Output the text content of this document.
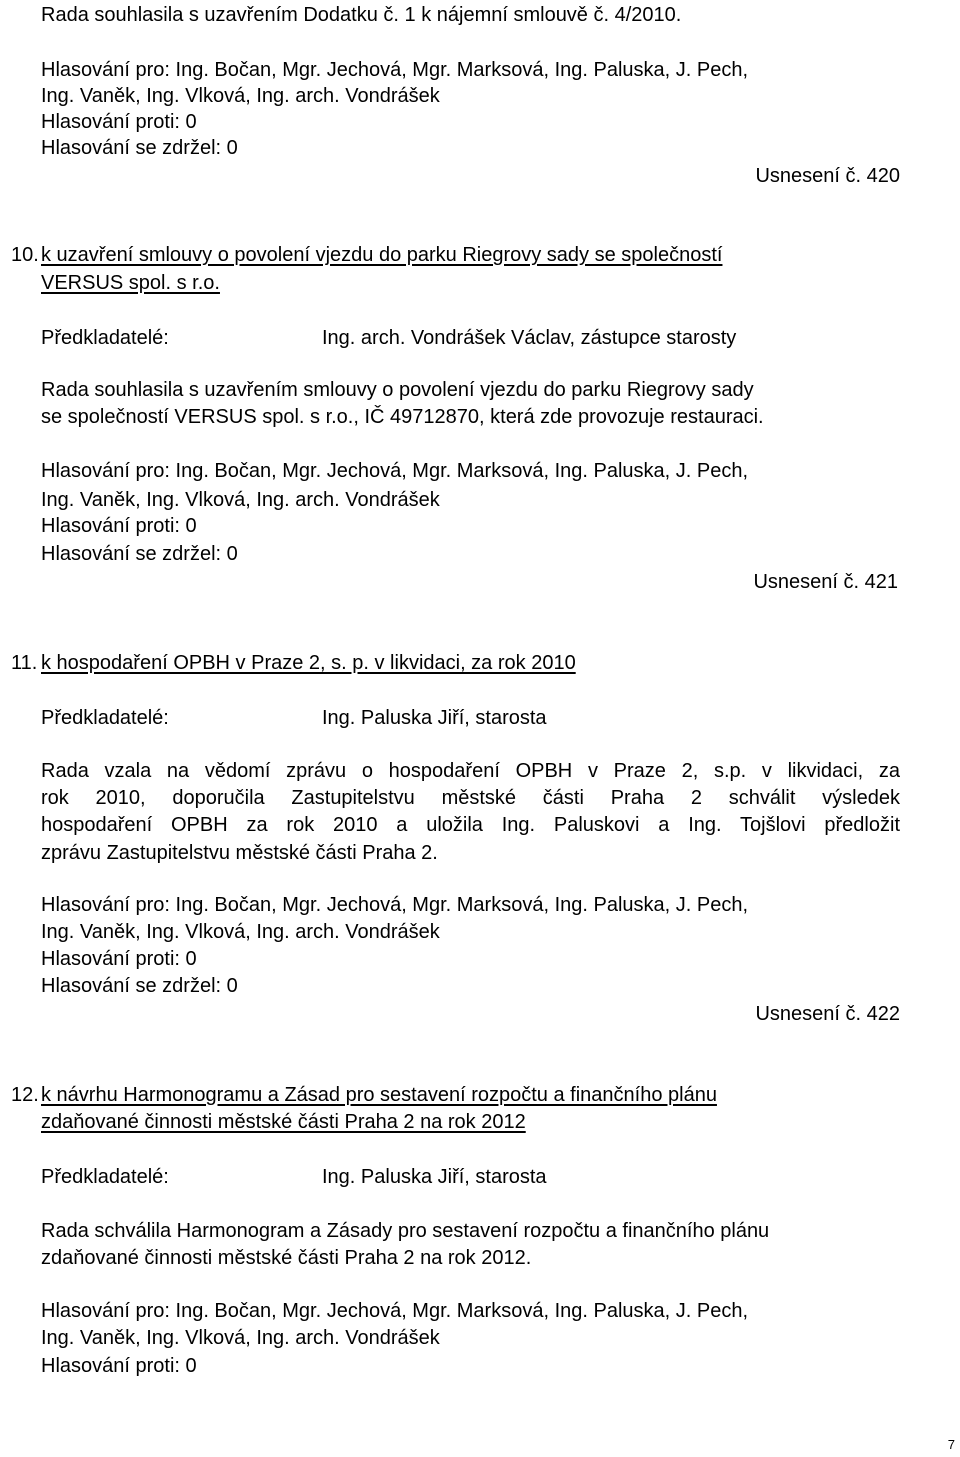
Rada souhlasila s uzavřením Dodatku č. 1 k nájemní smlouvě č. 4/2010.
Hlasování pro: Ing. Bočan, Mgr. Jechová, Mgr. Marksová, Ing. Paluska, J. Pech,
Ing. Vaněk, Ing. Vlková, Ing. arch. Vondrášek
Hlasování proti: 0
Hlasování se zdržel: 0
Usnesení č. 420
10. k uzavření smlouvy o povolení vjezdu do parku Riegrovy sady se společností
VERSUS spol. s r.o.
Předkladatelé:	Ing. arch. Vondrášek Václav, zástupce starosty
Rada souhlasila s uzavřením smlouvy o povolení vjezdu do parku Riegrovy sady
se společností VERSUS spol. s r.o., IČ 49712870, která zde provozuje restauraci.
Hlasování pro: Ing. Bočan, Mgr. Jechová, Mgr. Marksová, Ing. Paluska, J. Pech,
Ing. Vaněk, Ing. Vlková, Ing. arch. Vondrášek
Hlasování proti: 0
Hlasování se zdržel: 0
Usnesení č. 421
11. k hospodaření OPBH v Praze 2, s. p. v likvidaci, za rok 2010
Předkladatelé:	Ing. Paluska Jiří, starosta
Rada vzala na vědomí zprávu o hospodaření OPBH v Praze 2, s.p. v likvidaci, za
rok 2010, doporučila Zastupitelstvu městské části Praha 2 schválit výsledek
hospodaření OPBH za rok 2010 a uložila Ing. Paluskovi a Ing. Tojšlovi předložit
zprávu Zastupitelstvu městské části Praha 2.
Hlasování pro: Ing. Bočan, Mgr. Jechová, Mgr. Marksová, Ing. Paluska, J. Pech,
Ing. Vaněk, Ing. Vlková, Ing. arch. Vondrášek
Hlasování proti: 0
Hlasování se zdržel: 0
Usnesení č. 422
12. k návrhu Harmonogramu a Zásad pro sestavení rozpočtu a finančního plánu
zdaňované činnosti městské části Praha 2 na rok 2012
Předkladatelé:	Ing. Paluska Jiří, starosta
Rada schválila Harmonogram a Zásady pro sestavení rozpočtu a finančního plánu
zdaňované činnosti městské části Praha 2 na rok 2012.
Hlasování pro: Ing. Bočan, Mgr. Jechová, Mgr. Marksová, Ing. Paluska, J. Pech,
Ing. Vaněk, Ing. Vlková, Ing. arch. Vondrášek
Hlasování proti: 0
7
